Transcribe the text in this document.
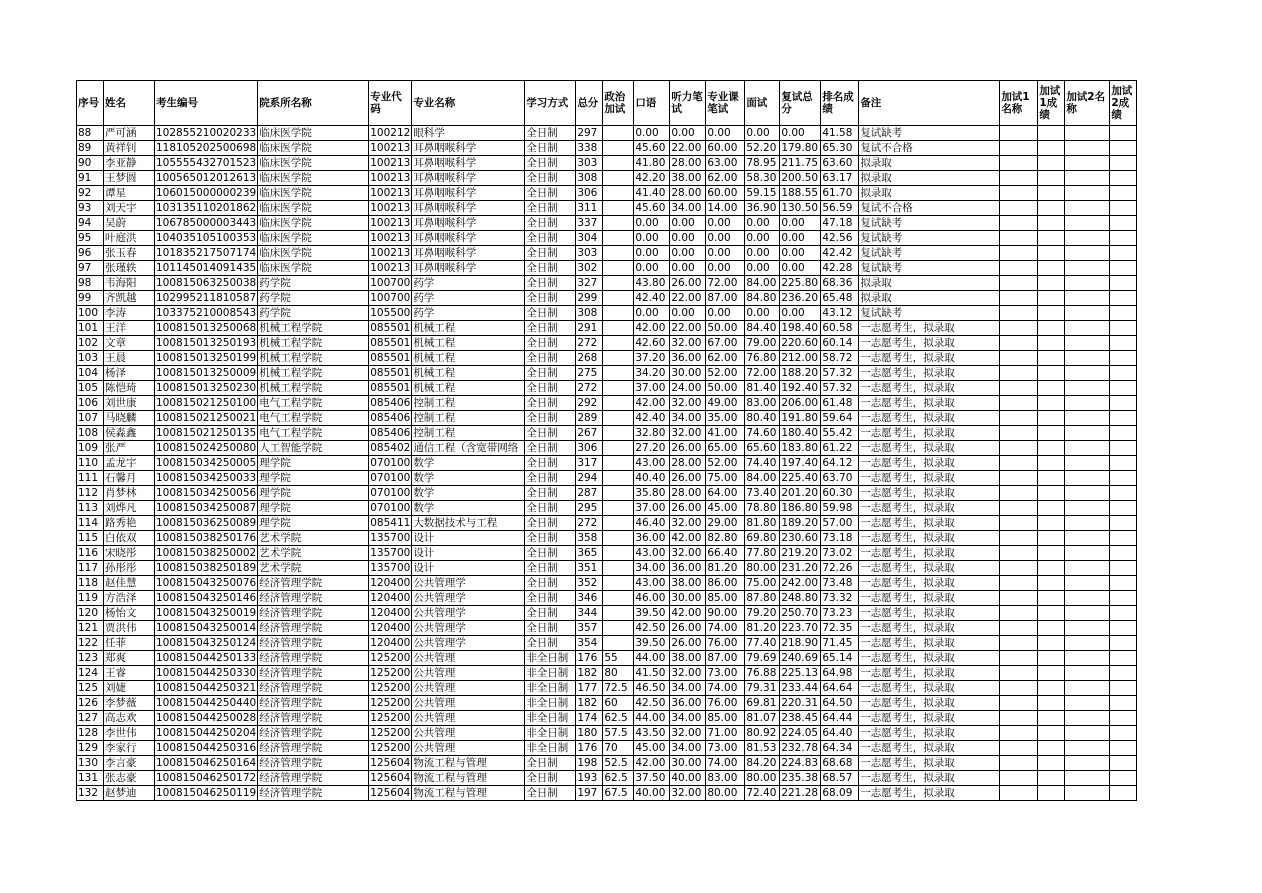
序号	姓名	考生编号	院系所名称	专业代码	专业名称	学习方式	总分	政治加试	口语	听力笔试	专业课笔试	面试	复试总分	排名成绩	备注	加试1名称	加试1成绩	加试2名称	加试2成绩
88	严可涵	102855210020233	临床医学院	100212	眼科学	全日制	297		0.00	0.00	0.00	0.00	0.00	41.58	复试缺考				
89	黄祥钊	118105202500698	临床医学院	100213	耳鼻咽喉科学	全日制	338		45.60	22.00	60.00	52.20	179.80	65.30	复试不合格				
90	李亚静	105555432701523	临床医学院	100213	耳鼻咽喉科学	全日制	303		41.80	28.00	63.00	78.95	211.75	63.60	拟录取				
91	王梦圆	100565012012613	临床医学院	100213	耳鼻咽喉科学	全日制	308		42.20	38.00	62.00	58.30	200.50	63.17	拟录取				
92	谭星	106015000000239	临床医学院	100213	耳鼻咽喉科学	全日制	306		41.40	28.00	60.00	59.15	188.55	61.70	拟录取				
93	刘天宇	103135110201862	临床医学院	100213	耳鼻咽喉科学	全日制	311		45.60	34.00	14.00	36.90	130.50	56.59	复试不合格				
94	吴蔚	106785000003443	临床医学院	100213	耳鼻咽喉科学	全日制	337		0.00	0.00	0.00	0.00	0.00	47.18	复试缺考				
95	叶庭洪	104035105100353	临床医学院	100213	耳鼻咽喉科学	全日制	304		0.00	0.00	0.00	0.00	0.00	42.56	复试缺考				
96	张玉春	101835217507174	临床医学院	100213	耳鼻咽喉科学	全日制	303		0.00	0.00	0.00	0.00	0.00	42.42	复试缺考				
97	张瑾轶	101145014091435	临床医学院	100213	耳鼻咽喉科学	全日制	302		0.00	0.00	0.00	0.00	0.00	42.28	复试缺考				
98	韦海阳	100815063250038	药学院	100700	药学	全日制	327		43.80	26.00	72.00	84.00	225.80	68.36	拟录取				
99	齐凯越	102995211810587	药学院	100700	药学	全日制	299		42.40	22.00	87.00	84.80	236.20	65.48	拟录取				
100	李涛	103375210008543	药学院	105500	药学	全日制	308		0.00	0.00	0.00	0.00	0.00	43.12	复试缺考				
101	王洋	100815013250068	机械工程学院	085501	机械工程	全日制	291		42.00	22.00	50.00	84.40	198.40	60.58	一志愿考生，拟录取				
102	文章	100815013250193	机械工程学院	085501	机械工程	全日制	272		42.60	32.00	67.00	79.00	220.60	60.14	一志愿考生，拟录取				
103	王晨	100815013250199	机械工程学院	085501	机械工程	全日制	268		37.20	36.00	62.00	76.80	212.00	58.72	一志愿考生，拟录取				
104	杨泽	100815013250009	机械工程学院	085501	机械工程	全日制	275		34.20	30.00	52.00	72.00	188.20	57.32	一志愿考生，拟录取				
105	陈恺琦	100815013250230	机械工程学院	085501	机械工程	全日制	272		37.00	24.00	50.00	81.40	192.40	57.32	一志愿考生，拟录取				
106	刘世康	100815021250100	电气工程学院	085406	控制工程	全日制	292		42.00	32.00	49.00	83.00	206.00	61.48	一志愿考生，拟录取				
107	马晓麟	100815021250021	电气工程学院	085406	控制工程	全日制	289		42.40	34.00	35.00	80.40	191.80	59.64	一志愿考生，拟录取				
108	侯淼鑫	100815021250135	电气工程学院	085406	控制工程	全日制	267		32.80	32.00	41.00	74.60	180.40	55.42	一志愿考生，拟录取				
109	张严	100815024250080	人工智能学院	085402	通信工程（含宽带网络	全日制	306		27.20	26.00	65.00	65.60	183.80	61.22	一志愿考生，拟录取				
110	孟龙宇	100815034250005	理学院	070100	数学	全日制	317		43.00	28.00	52.00	74.40	197.40	64.12	一志愿考生，拟录取				
111	石馨月	100815034250033	理学院	070100	数学	全日制	294		40.40	26.00	75.00	84.00	225.40	63.70	一志愿考生，拟录取				
112	肖梦林	100815034250056	理学院	070100	数学	全日制	287		35.80	28.00	64.00	73.40	201.20	60.30	一志愿考生，拟录取				
113	刘烨凡	100815034250087	理学院	070100	数学	全日制	295		37.00	26.00	45.00	78.80	186.80	59.98	一志愿考生，拟录取				
114	路秀艳	100815036250089	理学院	085411	大数据技术与工程	全日制	272		46.40	32.00	29.00	81.80	189.20	57.00	一志愿考生，拟录取				
115	白依双	100815038250176	艺术学院	135700	设计	全日制	358		36.00	42.00	82.80	69.80	230.60	73.18	一志愿考生，拟录取				
116	宋晓彤	100815038250002	艺术学院	135700	设计	全日制	365		43.00	32.00	66.40	77.80	219.20	73.02	一志愿考生，拟录取				
117	孙彤彤	100815038250189	艺术学院	135700	设计	全日制	351		34.00	36.00	81.20	80.00	231.20	72.26	一志愿考生，拟录取				
118	赵佳慧	100815043250076	经济管理学院	120400	公共管理学	全日制	352		43.00	38.00	86.00	75.00	242.00	73.48	一志愿考生，拟录取				
119	方浩泽	100815043250146	经济管理学院	120400	公共管理学	全日制	346		46.00	30.00	85.00	87.80	248.80	73.32	一志愿考生，拟录取				
120	杨怡文	100815043250019	经济管理学院	120400	公共管理学	全日制	344		39.50	42.00	90.00	79.20	250.70	73.23	一志愿考生，拟录取				
121	贾洪伟	100815043250014	经济管理学院	120400	公共管理学	全日制	357		42.50	26.00	74.00	81.20	223.70	72.35	一志愿考生，拟录取				
122	任菲	100815043250124	经济管理学院	120400	公共管理学	全日制	354		39.50	26.00	76.00	77.40	218.90	71.45	一志愿考生，拟录取				
123	郑爽	100815044250133	经济管理学院	125200	公共管理	非全日制	176	55	44.00	38.00	87.00	79.69	240.69	65.14	一志愿考生，拟录取				
124	王睿	100815044250330	经济管理学院	125200	公共管理	非全日制	182	80	41.50	32.00	73.00	76.88	225.13	64.98	一志愿考生，拟录取				
125	刘婕	100815044250321	经济管理学院	125200	公共管理	非全日制	177	72.5	46.50	34.00	74.00	79.31	233.44	64.64	一志愿考生，拟录取				
126	李梦薇	100815044250440	经济管理学院	125200	公共管理	非全日制	182	60	42.50	36.00	76.00	69.81	220.31	64.50	一志愿考生，拟录取				
127	高志欢	100815044250028	经济管理学院	125200	公共管理	非全日制	174	62.5	44.00	34.00	85.00	81.07	238.45	64.44	一志愿考生，拟录取				
128	李世伟	100815044250204	经济管理学院	125200	公共管理	非全日制	180	57.5	43.50	32.00	71.00	80.92	224.05	64.40	一志愿考生，拟录取				
129	李家行	100815044250316	经济管理学院	125200	公共管理	非全日制	176	70	45.00	34.00	73.00	81.53	232.78	64.34	一志愿考生，拟录取				
130	李言豪	100815046250164	经济管理学院	125604	物流工程与管理	全日制	198	52.5	42.00	30.00	74.00	84.20	224.83	68.68	一志愿考生，拟录取				
131	张志豪	100815046250172	经济管理学院	125604	物流工程与管理	全日制	193	62.5	37.50	40.00	83.00	80.00	235.38	68.57	一志愿考生，拟录取				
132	赵梦迪	100815046250119	经济管理学院	125604	物流工程与管理	全日制	197	67.5	40.00	32.00	80.00	72.40	221.28	68.09	一志愿考生，拟录取				
